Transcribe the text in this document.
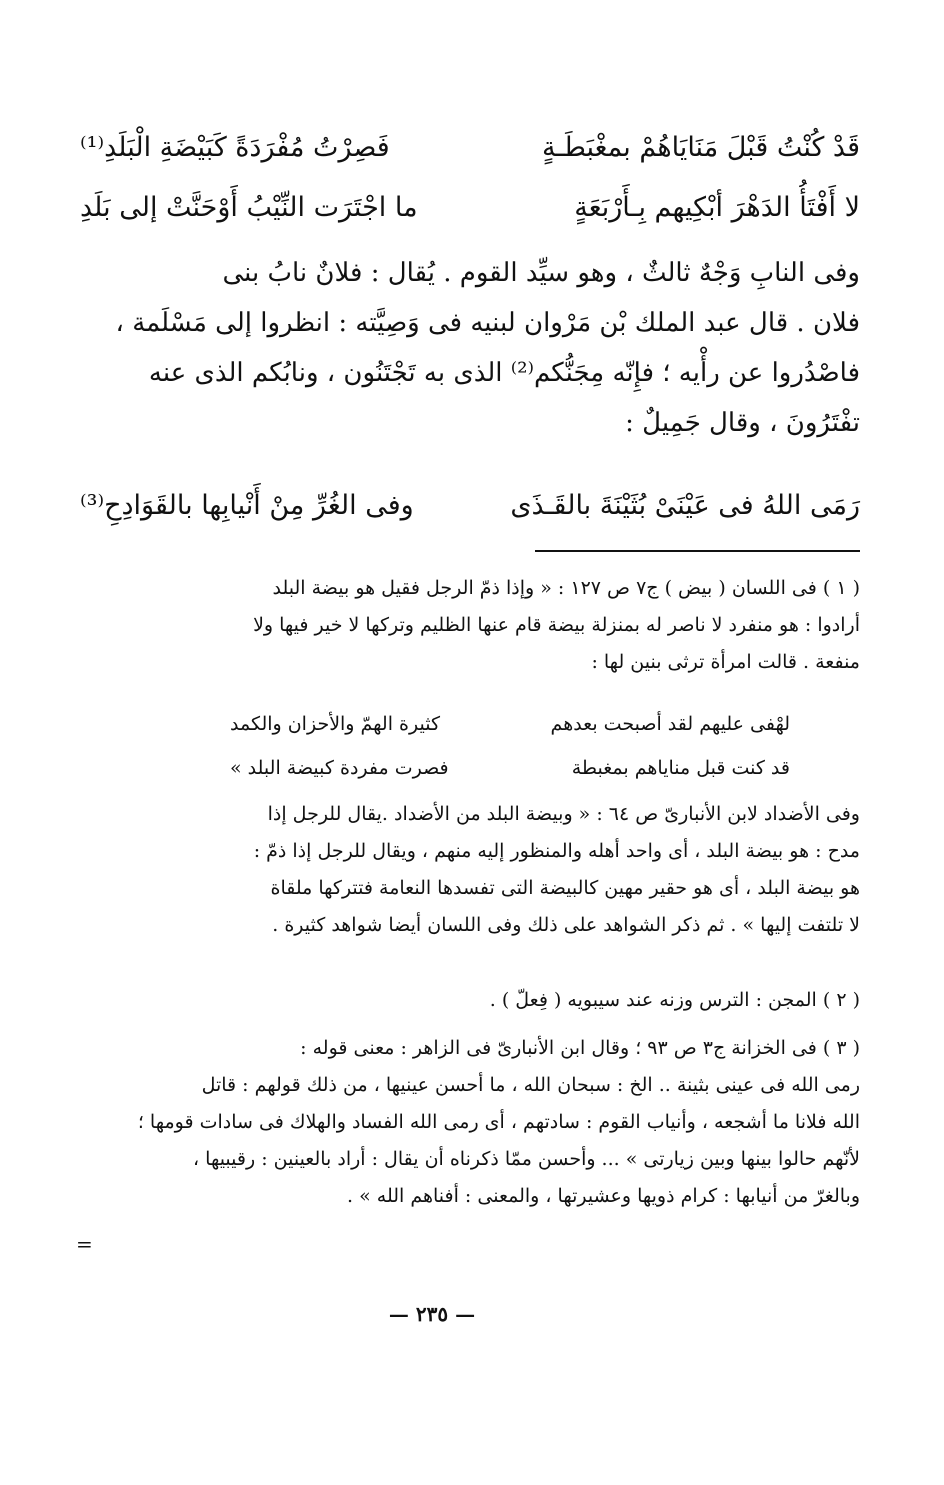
قَدْ كُنْتُ قَبْلَ مَنَايَاهُمْ بمغْبَطَـةٍ
فَصِرْتُ مُفْرَدَةً كَبَيْضَةِ الْبَلَدِ⁽¹⁾
لا أَفْتَأُ الدَهْرَ أبْكِيهم بِـأَرْبَعَةٍ
ما اجْتَرَت النِّيْبُ أَوْحَنَّتْ إلى بَلَدِ

وفى النابِ وَجْهٌ ثالثٌ ، وهو سيِّد القوم . يُقال : فلانٌ نابُ بنى

فلان . قال عبد الملك بْن مَرْوان لبنيه فى وَصِيَّته : انظروا إلى مَسْلَمة ،

فاصْدُروا عن رأْيه ؛ فإِنّه مِجَنُّكم⁽²⁾ الذى به تَجْتَنُون ، ونابُكم الذى عنه

تفْتَرُونَ ، وقال جَمِيلٌ :

رَمَى اللهُ فى عَيْنَىْ بُثَيْنَةَ بالقَـذَى
وفى الغُرِّ مِنْ أَنْيابِها بالقَوَادِحِ⁽³⁾

( ١ ) فى اللسان ( بيض ) ج٧ ص ١٢٧ : « وإذا ذمّ الرجل فقيل هو بيضة البلد

أرادوا : هو منفرد لا ناصر له بمنزلة بيضة قام عنها الظليم وتركها لا خير فيها ولا

منفعة . قالت امرأة ترثى بنين لها :

لهْفى عليهم لقد أصبحت بعدهم
كثيرة الهمّ والأحزان والكمد
قد كنت قبل مناياهم بمغبطة
فصرت مفردة كبيضة البلد »

وفى الأضداد لابن الأنبارىّ ص ٦٤ : « وبيضة البلد من الأضداد .يقال للرجل إذا

مدح : هو بيضة البلد ، أى واحد أهله والمنظور إليه منهم ، ويقال للرجل إذا ذمّ :

هو بيضة البلد ، أى هو حقير مهين كالبيضة التى تفسدها النعامة فتتركها ملقاة

لا تلتفت إليها » . ثم ذكر الشواهد على ذلك وفى اللسان أيضا شواهد كثيرة .

( ٢ ) المجن : الترس وزنه عند سيبويه ( فِعلّ ) .

( ٣ ) فى الخزانة ج٣ ص ٩٣ ؛ وقال ابن الأنبارىّ فى الزاهر : معنى قوله :

رمى الله فى عينى بثينة .. الخ : سبحان الله ، ما أحسن عينيها ، من ذلك قولهم : قاتل

الله فلانا ما أشجعه ، وأنياب القوم : سادتهم ، أى رمى الله الفساد والهلاك فى سادات قومها ؛

لأنّهم حالوا بينها وبين زيارتى » ... وأحسن ممّا ذكرناه أن يقال : أراد بالعينين : رقيبيها ،

وبالغرّ من أنيابها : كرام ذويها وعشيرتها ، والمعنى : أفناهم الله » .

=
— ٢٣٥ —
